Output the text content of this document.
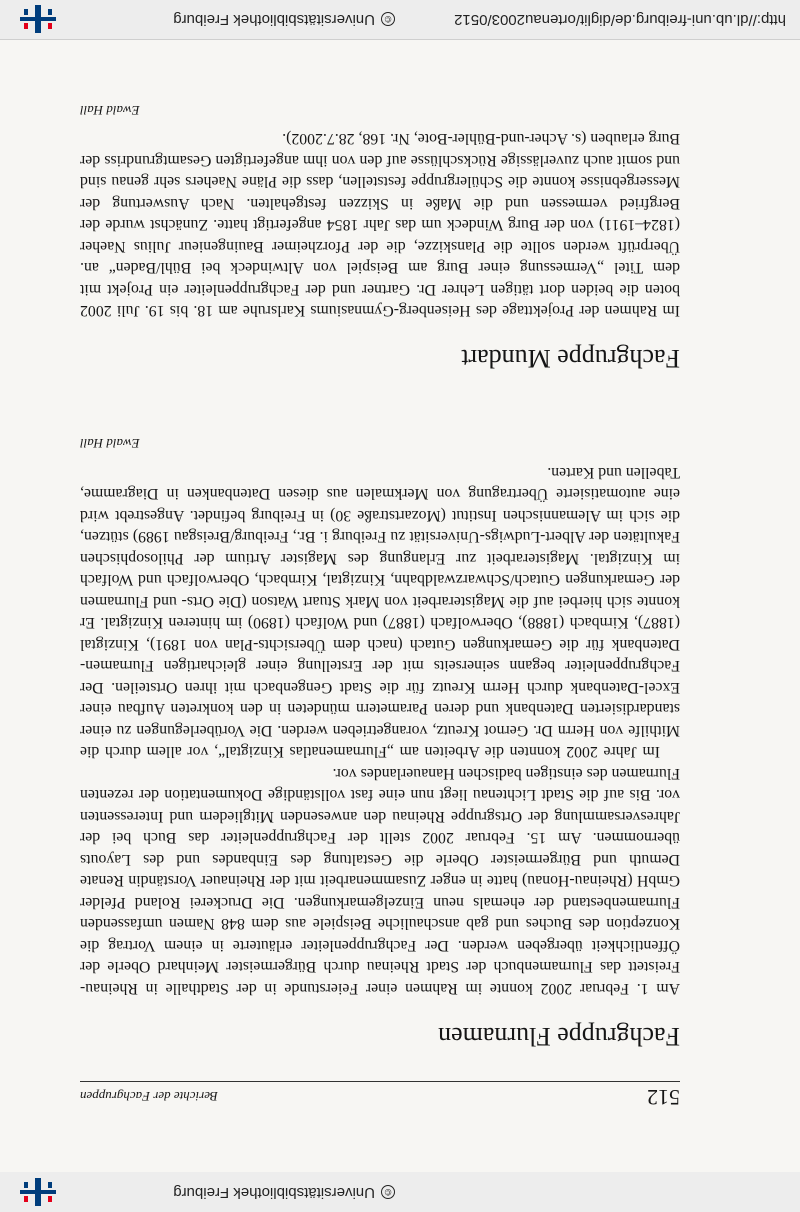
©Universitätsbibliothek Freiburg
512
Berichte der Fachgruppen
Fachgruppe Flurnamen

Am 1. Februar 2002 konnte im Rahmen einer Feierstunde in der Stadthalle in Rheinau-Freistett das Flurnamenbuch der Stadt Rheinau durch Bürgermeister Meinhard Oberle der Öffentlichkeit übergeben werden. Der Fachgruppenleiter erläuterte in einem Vortrag die Konzeption des Buches und gab anschauliche Beispiele aus dem 848 Namen umfassenden Flurnamenbestand der ehemals neun Einzelgemarkungen. Die Druckerei Roland Pfelder GmbH (Rheinau-Honau) hatte in enger Zusammenarbeit mit der Rheinauer Vorständin Renate Demuth und Bürgermeister Oberle die Gestaltung des Einbandes und des Layouts übernommen. Am 15. Februar 2002 stellt der Fachgruppenleiter das Buch bei der Jahresversammlung der Ortsgruppe Rheinau den anwesenden Mitgliedern und Interessenten vor. Bis auf die Stadt Lichtenau liegt nun eine fast vollständige Dokumentation der rezenten Flurnamen des einstigen badischen Hanauerlandes vor.

Im Jahre 2002 konnten die Arbeiten am „Flurnamenatlas Kinzigtal“, vor allem durch die Mithilfe von Herrn Dr. Gernot Kreutz, vorangetrieben werden. Die Vorüberlegungen zu einer standardisierten Datenbank und deren Parametern mündeten in den konkreten Aufbau einer Excel-Datenbank durch Herrn Kreutz für die Stadt Gengenbach mit ihren Ortsteilen. Der Fachgruppenleiter begann seinerseits mit der Erstellung einer gleichartigen Flurnamen-Datenbank für die Gemarkungen Gutach (nach dem Übersichts-Plan von 1891), Kinzigtal (1887), Kirnbach (1888), Oberwolfach (1887) und Wolfach (1890) im hinteren Kinzigtal. Er konnte sich hierbei auf die Magisterarbeit von Mark Stuart Watson (Die Orts- und Flurnamen der Gemarkungen Gutach/Schwarzwaldbahn, Kinzigtal, Kirnbach, Oberwolfach und Wolfach im Kinzigtal. Magisterarbeit zur Erlangung des Magister Artium der Philosophischen Fakultäten der Albert-Ludwigs-Universität zu Freiburg i. Br., Freiburg/Breisgau 1989) stützen, die sich im Alemannischen Institut (Mozartstraße 30) in Freiburg befindet. Angestrebt wird eine automatisierte Übertragung von Merkmalen aus diesen Datenbanken in Diagramme, Tabellen und Karten.

Ewald Hall
Fachgruppe Mundart

Im Rahmen der Projekttage des Heisenberg-Gymnasiums Karlsruhe am 18. bis 19. Juli 2002 boten die beiden dort tätigen Lehrer Dr. Gartner und der Fachgruppenleiter ein Projekt mit dem Titel „Vermessung einer Burg am Beispiel von Altwindeck bei Bühl/Baden“ an. Überprüft werden sollte die Planskizze, die der Pforzheimer Bauingenieur Julius Naeher (1824–1911) von der Burg Windeck um das Jahr 1854 angefertigt hatte. Zunächst wurde der Bergfried vermessen und die Maße in Skizzen festgehalten. Nach Auswertung der Messergebnisse konnte die Schülergruppe feststellen, dass die Pläne Naehers sehr genau sind und somit auch zuverlässige Rückschlüsse auf den von ihm angefertigten Gesamtgrundriss der Burg erlauben (s. Acher-und-Bühler-Bote, Nr. 168, 28.7.2002).

Ewald Hall
http://dl.ub.uni-freiburg.de/diglit/ortenau2003/0512
©Universitätsbibliothek Freiburg
